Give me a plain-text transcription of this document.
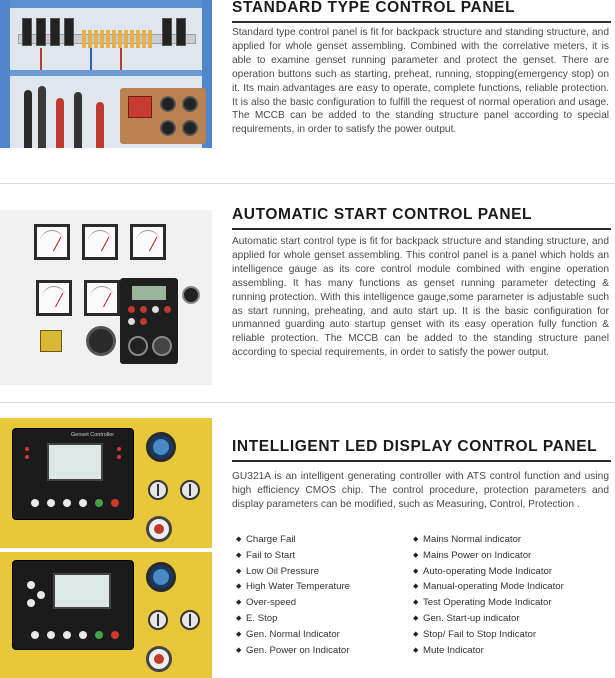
STANDARD TYPE CONTROL PANEL
Standard type control panel is fit for backpack structure and standing structure, and applied for whole genset assembling. Combined with the correlative meters, it is able to examine genset running parameter and protect the genset. There are operation buttons such as starting, preheat, running, stopping(emergency stop) on it. Its main advantages are easy to operate, complete functions, reliable protection. It is also the basic configuration to fulfill the request of normal operation and usage. The MCCB can be added to the standing structure panel according to special requirements, in order to satisfy the power output.
AUTOMATIC START CONTROL PANEL
Automatic start control type is fit for backpack structure and standing structure, and applied for whole genset assembling. This control panel is a panel which holds an intelligence gauge as its core control module combined with engine operation assembling. It has many functions as genset running parameter detecting & running protection. With this intelligence gauge,some parameter is adjustable such as start running, preheating, and auto start up. It is the basic configuration for unmanned guarding auto startup genset with its easy operation fully function & reliable protection. The MCCB can be added to the standing structure panel according to special requirements, in order to satisfy the power output.
Genset Controller
INTELLIGENT LED DISPLAY CONTROL PANEL
GU321A is an intelligent generating controller with ATS control function and using high efficiency CMOS chip. The control procedure, protection parameters and display parameters can be modified, such as Measuring, Control, Protection .
◆ Charge Fail
◆ Fail to Start
◆ Low Oil Pressure
◆ High Water Temperature
◆ Over-speed
◆ E. Stop
◆ Gen. Normal Indicator
◆ Gen. Power on Indicator
◆ Mains Normal indicator
◆ Mains Power on Indicator
◆ Auto-operating Mode Indicator
◆ Manual-operating Mode Indicator
◆ Test Operating Mode Indicator
◆ Gen. Start-up indicator
◆ Stop/ Fail to Stop Indicator
◆ Mute Indicator
